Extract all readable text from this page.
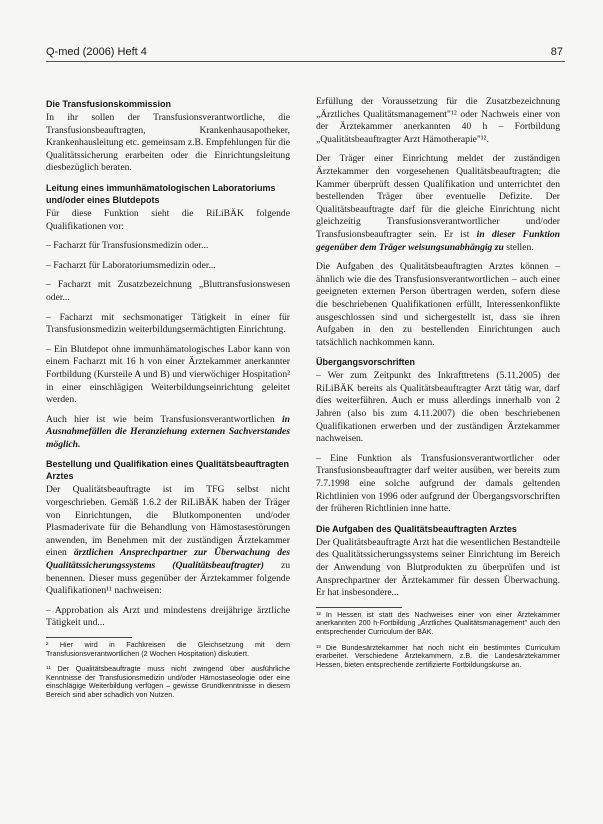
Q-med (2006) Heft 4	87
Die Transfusionskommission

In ihr sollen der Transfusionsverantwortliche, die Transfusionsbeauftragten, Krankenhausapotheker, Krankenhausleitung etc. gemeinsam z.B. Empfehlungen für die Qualitätssicherung erarbeiten oder die Einrichtungsleitung diesbezüglich beraten.

Leitung eines immunhämatologischen Laboratoriums und/oder eines Blutdepots

Für diese Funktion sieht die RiLiBÄK folgende Qualifikationen vor:

– Facharzt für Transfusionsmedizin oder...

– Facharzt für Laboratoriumsmedizin oder...

– Facharzt mit Zusatzbezeichnung „Bluttransfusionswesen oder...

– Facharzt mit sechsmonatiger Tätigkeit in einer für Transfusionsmedizin weiterbildungsermächtigten Einrichtung.

– Ein Blutdepot ohne immunhämatologisches Labor kann von einem Facharzt mit 16 h von einer Ärztekammer anerkannter Fortbildung (Kursteile A und B) und vierwöchiger Hospitation² in einer einschlägigen Weiterbildungseinrichtung geleitet werden.

Auch hier ist wie beim Transfusionsverantwortlichen in Ausnahmefällen die Heranziehung externen Sachverstandes möglich.

Bestellung und Qualifikation eines Qualitätsbeauftragten Arztes

Der Qualitätsbeauftragte ist im TFG selbst nicht vorgeschrieben. Gemäß 1.6.2 der RiLiBÄK haben der Träger von Einrichtungen, die Blutkomponenten und/oder Plasmaderivate für die Behandlung von Hämostasestörungen anwenden, im Benehmen mit der zuständigen Ärztekammer einen ärztlichen Ansprechpartner zur Überwachung des Qualitätssicherungssystems (Qualitätsbeauftragter) zu benennen. Dieser muss gegenüber der Ärztekammer folgende Qualifikationen¹¹ nachweisen:

– Approbation als Arzt und mindestens dreijährige ärztliche Tätigkeit und...

² Hier wird in Fachkreisen die Gleichsetzung mit dem Transfusionsverantwortlichen (2 Wochen Hospitation) diskutiert.

¹¹ Der Qualitätsbeauftragte muss nicht zwingend über ausführliche Kenntnisse der Transfusionsmedizin und/oder Hämostaseologie oder eine einschlägige Weiterbildung verfügen – gewisse Grundkenntnisse in diesem Bereich sind aber schadlich von Nutzen.

Erfüllung der Voraussetzung für die Zusatzbezeichnung „Ärztliches Qualitätsmanagement"¹² oder Nachweis einer von der Ärztekammer anerkannten 40 h – Fortbildung „Qualitätsbeauftragter Arzt Hämotherapie"¹².

Der Träger einer Einrichtung meldet der zuständigen Ärztekammer den vorgesehenen Qualitätsbeauftragten; die Kammer überprüft dessen Qualifikation und unterrichtet den bestellenden Träger über eventuelle Defizite. Der Qualitätsbeauftragte darf für die gleiche Einrichtung nicht gleichzeitig Transfusionsverantwortlicher und/oder Transfusionsbeauftragter sein. Er ist in dieser Funktion gegenüber dem Träger weisungsunabhängig zu stellen.

Die Aufgaben des Qualitätsbeauftragten Arztes können – ähnlich wie die des Transfusionsverantwortlichen – auch einer geeigneten externen Person übertragen werden, sofern diese die beschriebenen Qualifikationen erfüllt, Interessenkonflikte ausgeschlossen sind und sichergestellt ist, dass sie ihren Aufgaben in den zu bestellenden Einrichtungen auch tatsächlich nachkommen kann.

Übergangsvorschriften

– Wer zum Zeitpunkt des Inkrafttretens (5.11.2005) der RiLiBÄK bereits als Qualitätsbeauftragter Arzt tätig war, darf dies weiterführen. Auch er muss allerdings innerhalb von 2 Jahren (also bis zum 4.11.2007) die oben beschriebenen Qualifikationen erwerben und der zuständigen Ärztekammer nachweisen.

– Eine Funktion als Transfusionsverantwortlicher oder Transfusionsbeauftragter darf weiter ausüben, wer bereits zum 7.7.1998 eine solche aufgrund der damals geltenden Richtlinien von 1996 oder aufgrund der Übergangsvorschriften der früheren Richtlinien inne hatte.

Die Aufgaben des Qualitätsbeauftragten Arztes

Der Qualitätsbeauftragte Arzt hat die wesentlichen Bestandteile des Qualitätssicherungssystems seiner Einrichtung im Bereich der Anwendung von Blutprodukten zu überprüfen und ist Ansprechpartner der Ärztekammer für dessen Überwachung. Er hat insbesondere...

¹² In Hessen ist statt des Nachweises einer von einer Ärztekammer anerkannten 200 h-Fortbildung „Ärztliches Qualitätsmanagement" auch den entsprechender Curriculum der BÄK.

¹³ Die Bundesärztekammer hat noch nicht ein bestimmtes Curriculum erarbeitet. Verschiedene Ärztekammern, z.B. die Landesärztekammer Hessen, bieten entsprechende zertifizierte Fortbildungskurse an.
